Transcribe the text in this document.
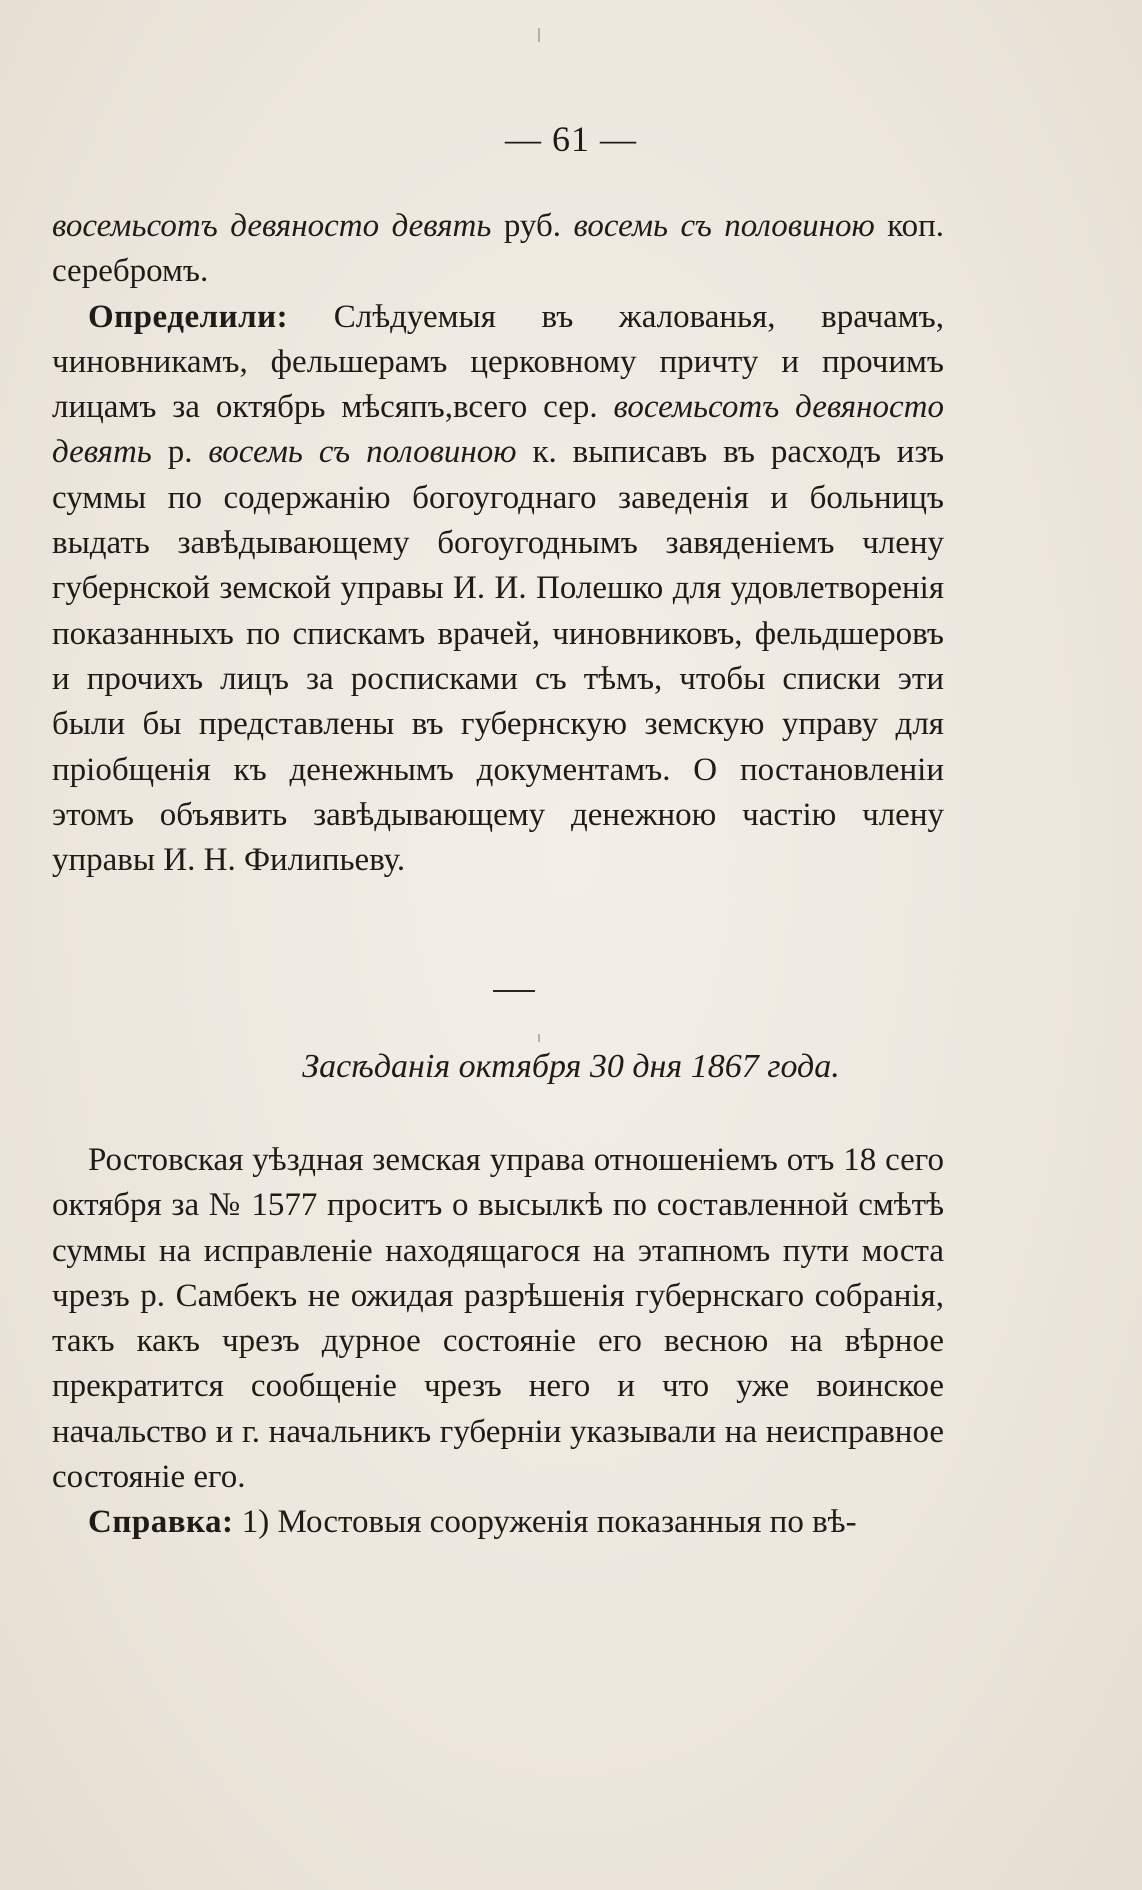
— 61 —

восемьсотъ девяносто девять руб. восемь съ половиною коп. серебромъ.

Определили: Слѣдуемыя въ жалованья, врачамъ, чиновникамъ, фельшерамъ церковному причту и прочимъ лицамъ за октябрь мѣсяпъ,всего сер. восемьсотъ девяносто девять р. восемь съ половиною к. выписавъ въ расходъ изъ суммы по содержанію богоугоднаго заведенія и больницъ выдать завѣдывающему богоугоднымъ завяденіемъ члену губернской земской управы И. И. Полешко для удовлетворенія показанныхъ по спискамъ врачей, чиновниковъ, фельдшеровъ и прочихъ лицъ за росписками съ тѣмъ, чтобы списки эти были бы представлены въ губернскую земскую управу для пріобщенія къ денежнымъ документамъ. О постановленіи этомъ объявить завѣдывающему денежною частію члену управы И. Н. Филипьеву.

Засѣданія октября 30 дня 1867 года.

Ростовская уѣздная земская управа отношеніемъ отъ 18 сего октября за № 1577 проситъ о высылкѣ по составленной смѣтѣ суммы на исправленіе находящагося на этапномъ пути моста чрезъ р. Самбекъ не ожидая разрѣшенія губернскаго собранія, такъ какъ чрезъ дурное состояніе его весною на вѣрное прекратится сообщеніе чрезъ него и что уже воинское начальство и г. начальникъ губерніи указывали на неисправное состояніе его.

Справка: 1) Мостовыя сооруженія показанныя по вѣ-
